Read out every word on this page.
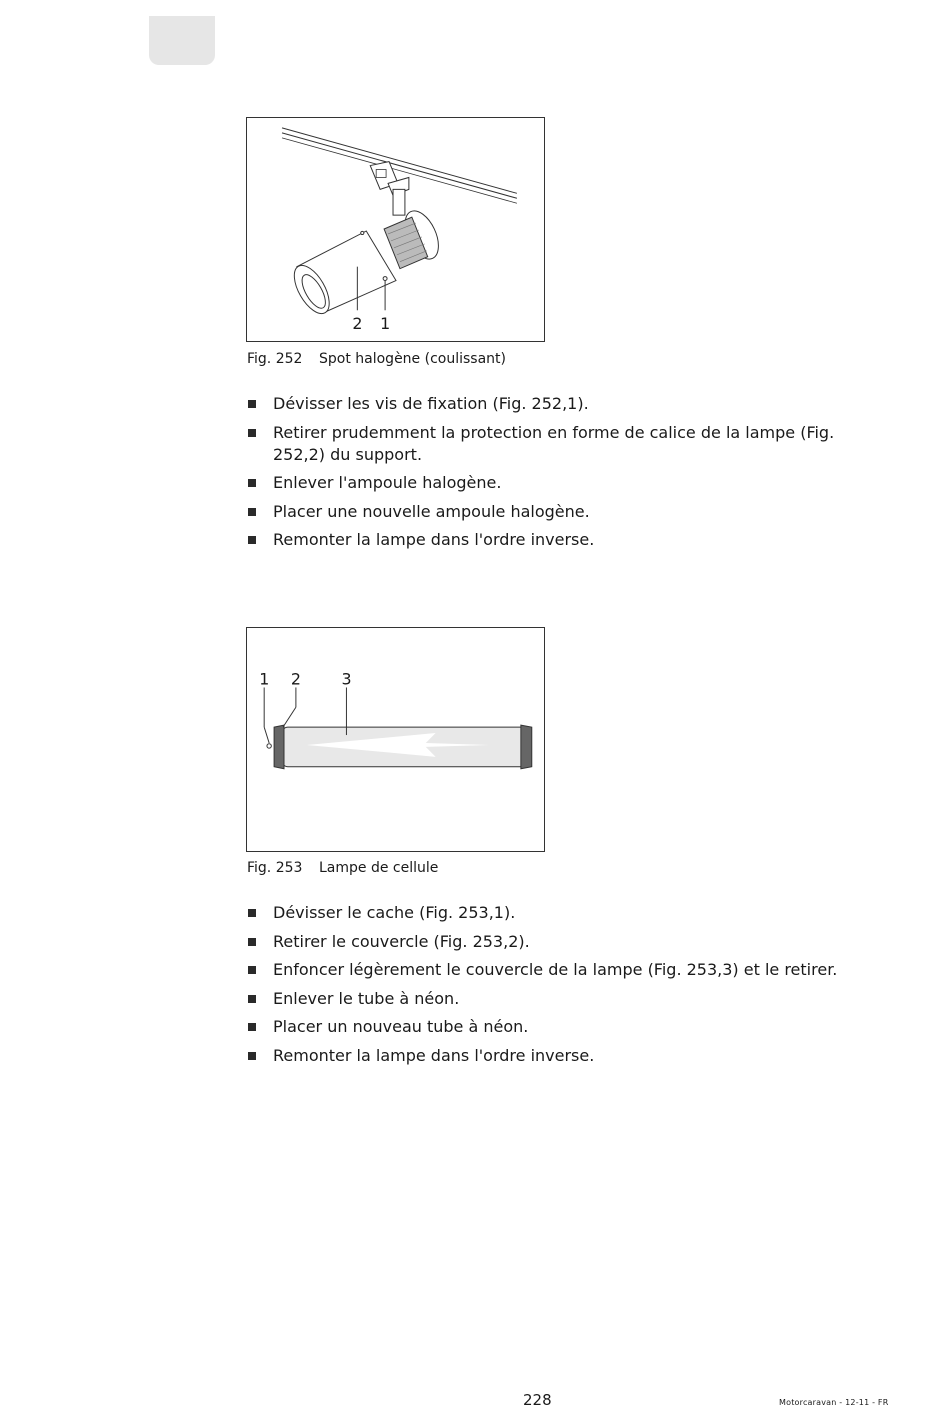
2 1
Fig. 252 Spot halogène (coulissant)
Dévisser les vis de fixation (Fig. 252,1).
Retirer prudemment la protection en forme de calice de la lampe (Fig. 252,2) du support.
Enlever l'ampoule halogène.
Placer une nouvelle ampoule halogène.
Remonter la lampe dans l'ordre inverse.
1 2	3
Fig. 253 Lampe de cellule
Dévisser le cache (Fig. 253,1).
Retirer le couvercle (Fig. 253,2).
Enfoncer légèrement le couvercle de la lampe (Fig. 253,3) et le retirer.
Enlever le tube à néon.
Placer un nouveau tube à néon.
Remonter la lampe dans l'ordre inverse.
228	Motorcaravan - 12-11 - FR
